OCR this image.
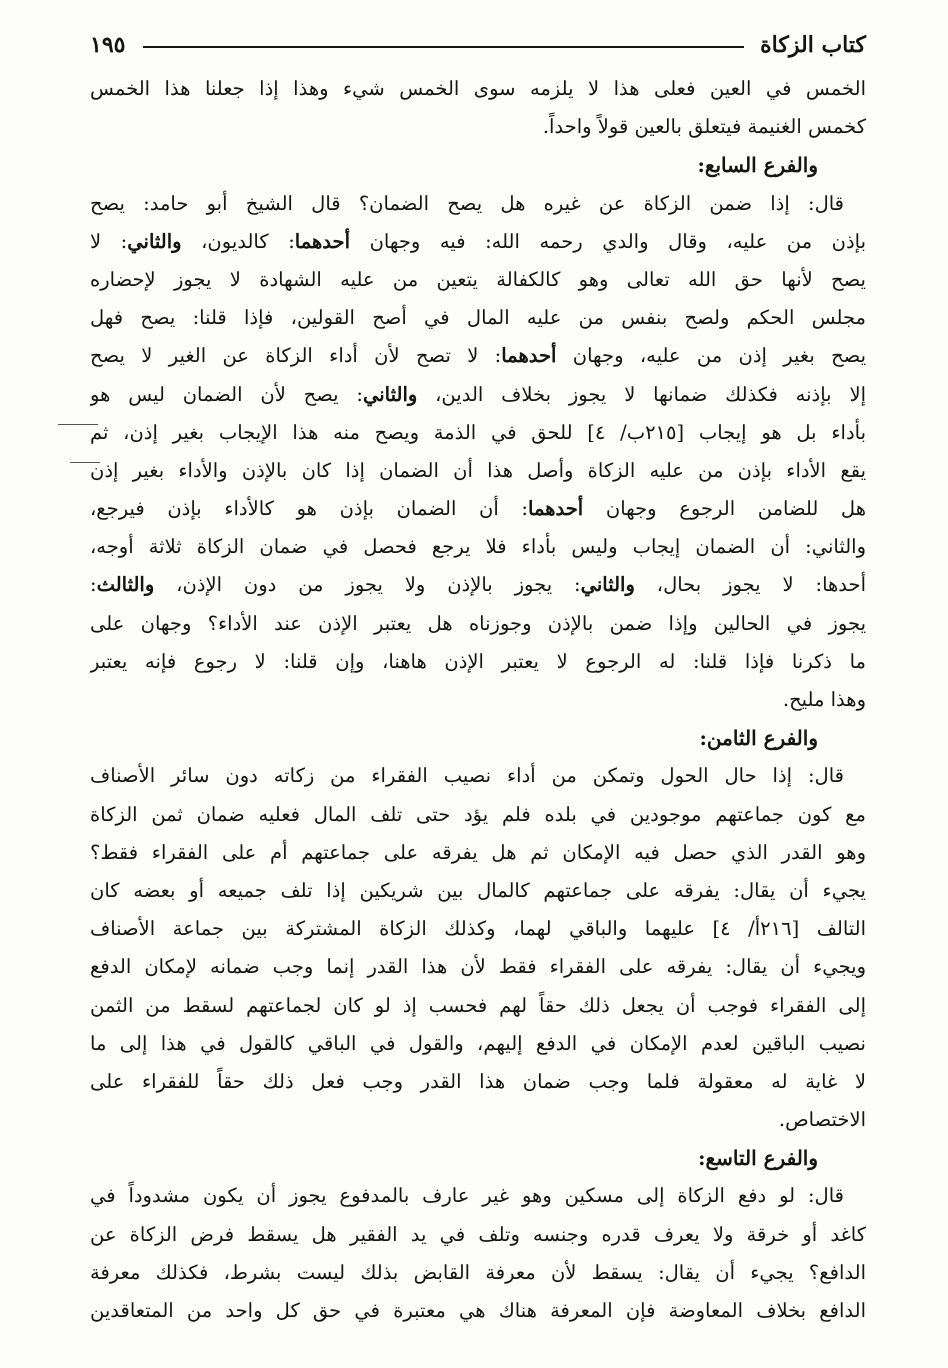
كتاب الزكاة
١٩٥
الخمس في العين فعلى هذا لا يلزمه سوى الخمس شيء وهذا إذا جعلنا هذا الخمس
كخمس الغنيمة فيتعلق بالعين قولاً واحداً.
والفرع السابع:
قال: إذا ضمن الزكاة عن غيره هل يصح الضمان؟ قال الشيخ أبو حامد: يصح
بإذن من عليه، وقال والدي رحمه الله: فيه وجهان أحدهما: كالديون، والثاني: لا
يصح لأنها حق الله تعالى وهو كالكفالة يتعين من عليه الشهادة لا يجوز لإحضاره
مجلس الحكم ولصح بنفس من عليه المال في أصح القولين، فإذا قلنا: يصح فهل
يصح بغير إذن من عليه، وجهان أحدهما: لا تصح لأن أداء الزكاة عن الغير لا يصح
إلا بإذنه فكذلك ضمانها لا يجوز بخلاف الدين، والثاني: يصح لأن الضمان ليس هو
بأداء بل هو إيجاب [٢١٥ب/ ٤] للحق في الذمة ويصح منه هذا الإيجاب بغير إذن، ثم
يقع الأداء بإذن من عليه الزكاة وأصل هذا أن الضمان إذا كان بالإذن والأداء بغير إذن
هل للضامن الرجوع وجهان أحدهما: أن الضمان بإذن هو كالأداء بإذن فيرجع،
والثاني: أن الضمان إيجاب وليس بأداء فلا يرجع فحصل في ضمان الزكاة ثلاثة أوجه،
أحدها: لا يجوز بحال، والثاني: يجوز بالإذن ولا يجوز من دون الإذن، والثالث:
يجوز في الحالين وإذا ضمن بالإذن وجوزناه هل يعتبر الإذن عند الأداء؟ وجهان على
ما ذكرنا فإذا قلنا: له الرجوع لا يعتبر الإذن هاهنا، وإن قلنا: لا رجوع فإنه يعتبر
وهذا مليح.
والفرع الثامن:
قال: إذا حال الحول وتمكن من أداء نصيب الفقراء من زكاته دون سائر الأصناف
مع كون جماعتهم موجودين في بلده فلم يؤد حتى تلف المال فعليه ضمان ثمن الزكاة
وهو القدر الذي حصل فيه الإمكان ثم هل يفرقه على جماعتهم أم على الفقراء فقط؟
يجيء أن يقال: يفرقه على جماعتهم كالمال بين شريكين إذا تلف جميعه أو بعضه كان
التالف [٢١٦أ/ ٤] عليهما والباقي لهما، وكذلك الزكاة المشتركة بين جماعة الأصناف
ويجيء أن يقال: يفرقه على الفقراء فقط لأن هذا القدر إنما وجب ضمانه لإمكان الدفع
إلى الفقراء فوجب أن يجعل ذلك حقاً لهم فحسب إذ لو كان لجماعتهم لسقط من الثمن
نصيب الباقين لعدم الإمكان في الدفع إليهم، والقول في الباقي كالقول في هذا إلى ما
لا غاية له معقولة فلما وجب ضمان هذا القدر وجب فعل ذلك حقاً للفقراء على
الاختصاص.
والفرع التاسع:
قال: لو دفع الزكاة إلى مسكين وهو غير عارف بالمدفوع يجوز أن يكون مشدوداً في
كاغد أو خرقة ولا يعرف قدره وجنسه وتلف في يد الفقير هل يسقط فرض الزكاة عن
الدافع؟ يجيء أن يقال: يسقط لأن معرفة القابض بذلك ليست بشرط، فكذلك معرفة
الدافع بخلاف المعاوضة فإن المعرفة هناك هي معتبرة في حق كل واحد من المتعاقدين
